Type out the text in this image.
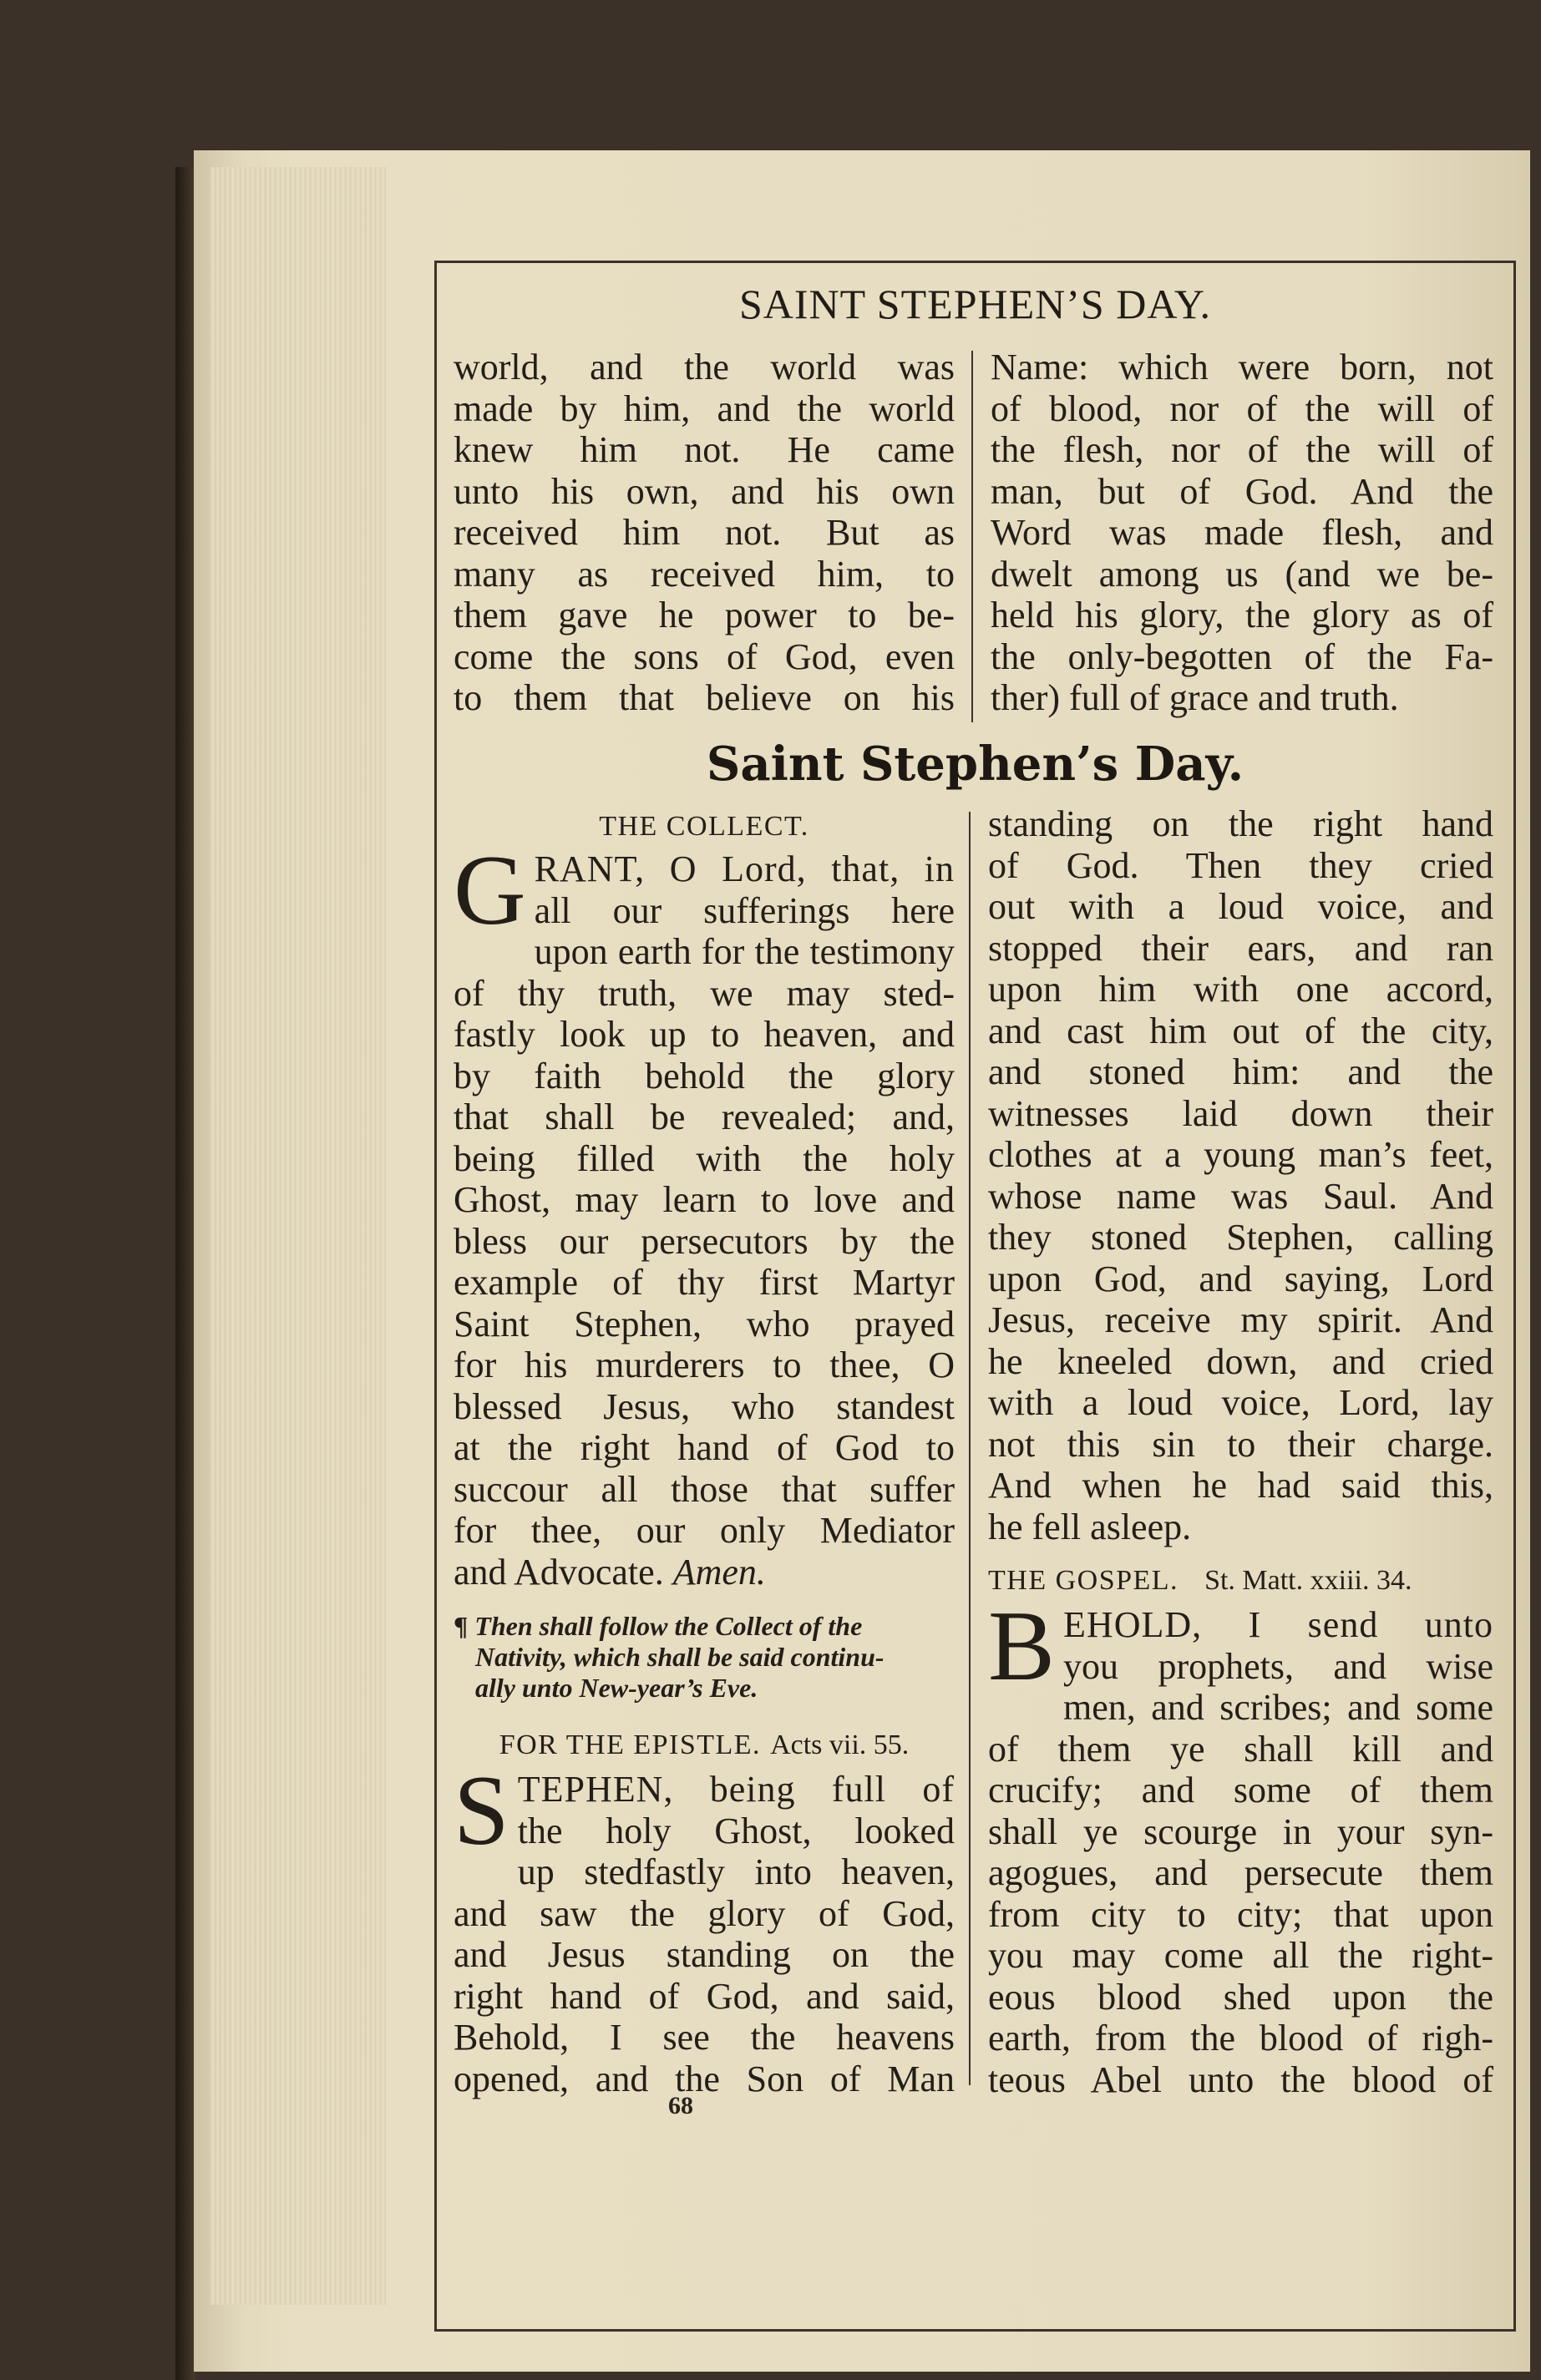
SAINT STEPHEN’S DAY.
world, and the world was
made by him, and the world
knew him not. He came
unto his own, and his own
received him not. But as
many as received him, to
them gave he power to be-
come the sons of God, even
to them that believe on his
Name: which were born, not
of blood, nor of the will of
the flesh, nor of the will of
man, but of God. And the
Word was made flesh, and
dwelt among us (and we be-
held his glory, the glory as of
the only-begotten of the Fa-
ther) full of grace and truth.
Saint Stephen’s Day.
THE COLLECT.
G RANT, O Lord, that, in
all our sufferings here
upon earth for the testimony
of thy truth, we may sted-
fastly look up to heaven, and
by faith behold the glory
that shall be revealed; and,
being filled with the holy
Ghost, may learn to love and
bless our persecutors by the
example of thy first Martyr
Saint Stephen, who prayed
for his murderers to thee, O
blessed Jesus, who standest
at the right hand of God to
succour all those that suffer
for thee, our only Mediator
and Advocate. Amen.
¶ Then shall follow the Collect of the
Nativity, which shall be said continu-
ally unto New-year’s Eve.
FOR THE EPISTLE. Acts vii. 55.
S TEPHEN, being full of
the holy Ghost, looked
up stedfastly into heaven,
and saw the glory of God,
and Jesus standing on the
right hand of God, and said,
Behold, I see the heavens
opened, and the Son of Man
standing on the right hand
of God. Then they cried
out with a loud voice, and
stopped their ears, and ran
upon him with one accord,
and cast him out of the city,
and stoned him: and the
witnesses laid down their
clothes at a young man’s feet,
whose name was Saul. And
they stoned Stephen, calling
upon God, and saying, Lord
Jesus, receive my spirit. And
he kneeled down, and cried
with a loud voice, Lord, lay
not this sin to their charge.
And when he had said this,
he fell asleep.
THE GOSPEL. St. Matt. xxiii. 34.
B EHOLD, I send unto
you prophets, and wise
men, and scribes; and some
of them ye shall kill and
crucify; and some of them
shall ye scourge in your syn-
agogues, and persecute them
from city to city; that upon
you may come all the right-
eous blood shed upon the
earth, from the blood of righ-
teous Abel unto the blood of
68
